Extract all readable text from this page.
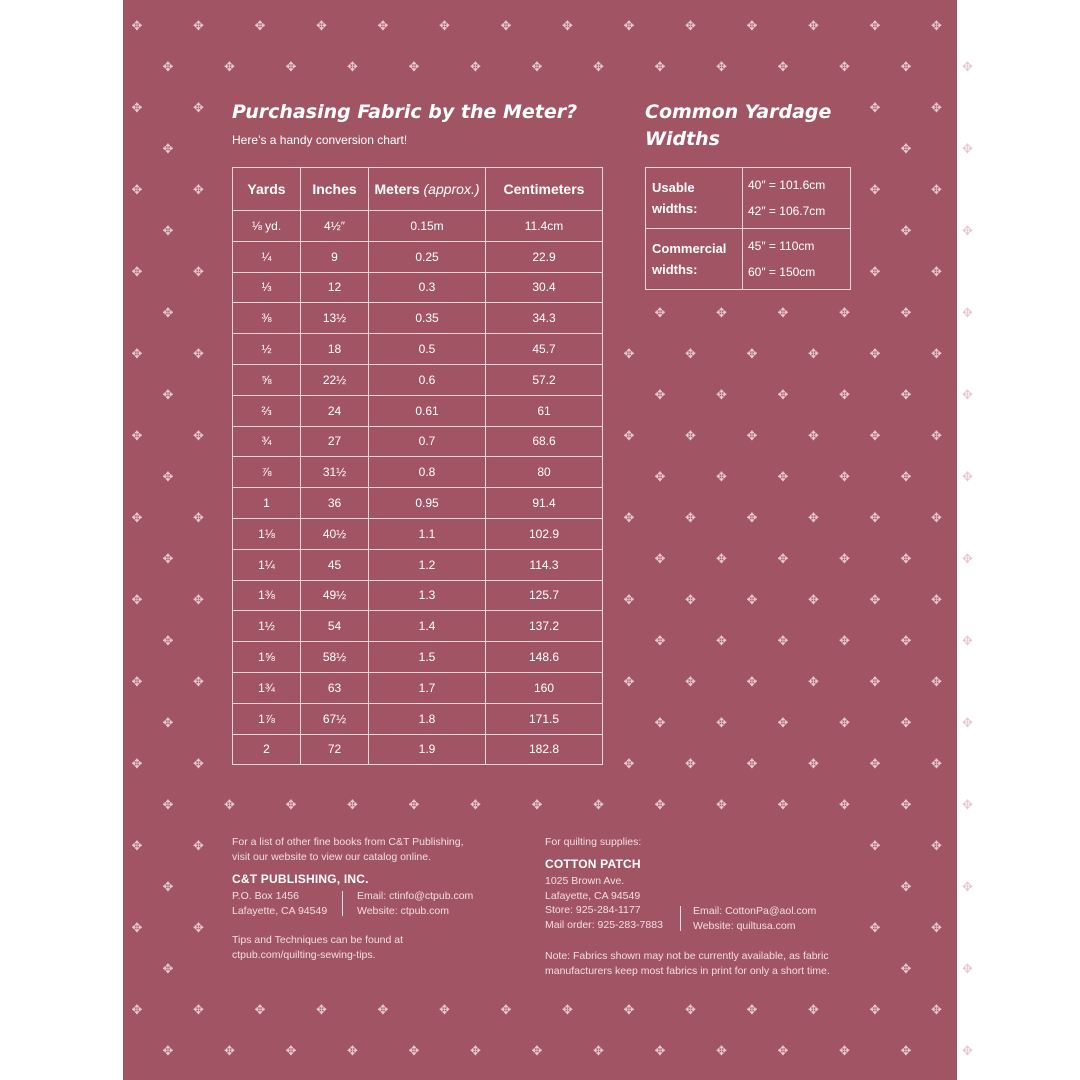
✥
✥
✥
✥
✥
✥
✥
✥
✥
✥
✥
✥
✥
✥
✥
✥
✥
✥
✥
✥
✥
✥
✥
✥
✥
✥
✥
✥
✥
✥
✥	✥
✥
✥
✥
✥
✥
✥	✥
✥
✥
✥
✥
✥
✥
✥	✥	✥	✥
✥
✥
✥
✥
✥
✥
✥	✥
✥
✥
✥
✥
✥
✥
✥
✥
✥
✥
✥
✥
✥
✥	✥
✥
✥
✥
✥
✥
✥
✥
✥
✥
✥
✥
✥
✥
✥	✥
✥
✥
✥
✥
✥
✥
✥
✥
✥
✥
✥
✥
✥
✥	✥
✥
✥
✥
✥
✥
✥
✥
✥
✥
✥
✥
✥
✥
✥	✥
✥
✥
✥
✥
✥
✥
✥
✥
✥
✥
✥
✥
✥
✥
✥	✥	✥	✥	✥	✥	✥
✥
✥
✥
✥
✥
✥
✥
✥
✥
✥
✥
✥
✥
✥
✥	✥
✥
✥
✥
✥
✥
✥	✥
✥
✥
✥
✥
✥
✥
✥
✥
✥
✥
✥
✥
✥
✥
✥
✥
✥
✥
✥
✥
✥
✥
✥
✥
✥
✥
✥
✥
✥
✥
✥
Purchasing Fabric by the Meter?
Here’s a handy conversion chart!
Yards	Inches	Meters (approx.)	Centimeters
⅛ yd.	4½″	0.15m	11.4cm
¼	9	0.25	22.9
⅓	12	0.3	30.4
⅜	13½	0.35	34.3
½	18	0.5	45.7
⅝	22½	0.6	57.2
⅔	24	0.61	61
¾	27	0.7	68.6
⅞	31½	0.8	80
1	36	0.95	91.4
1⅛	40½	1.1	102.9
1¼	45	1.2	114.3
1⅜	49½	1.3	125.7
1½	54	1.4	137.2
1⅝	58½	1.5	148.6
1¾	63	1.7	160
1⅞	67½	1.8	171.5
2	72	1.9	182.8
Common Yardage
Widths
Usable
widths:	40″ = 101.6cm
42″ = 106.7cm

Commercial
widths:	45″ = 110cm
60″ = 150cm
For a list of other fine books from C&T Publishing,
visit our website to view our catalog online.
C&T PUBLISHING, INC.
P.O. Box 1456
Lafayette, CA 94549
Email: ctinfo@ctpub.com
Website: ctpub.com
Tips and Techniques can be found at
ctpub.com/quilting-sewing-tips.
For quilting supplies:
COTTON PATCH
1025 Brown Ave.
Lafayette, CA 94549
Store: 925-284-1177
Mail order: 925-283-7883
Email: CottonPa@aol.com
Website: quiltusa.com
Note: Fabrics shown may not be currently available, as fabric
manufacturers keep most fabrics in print for only a short time.
